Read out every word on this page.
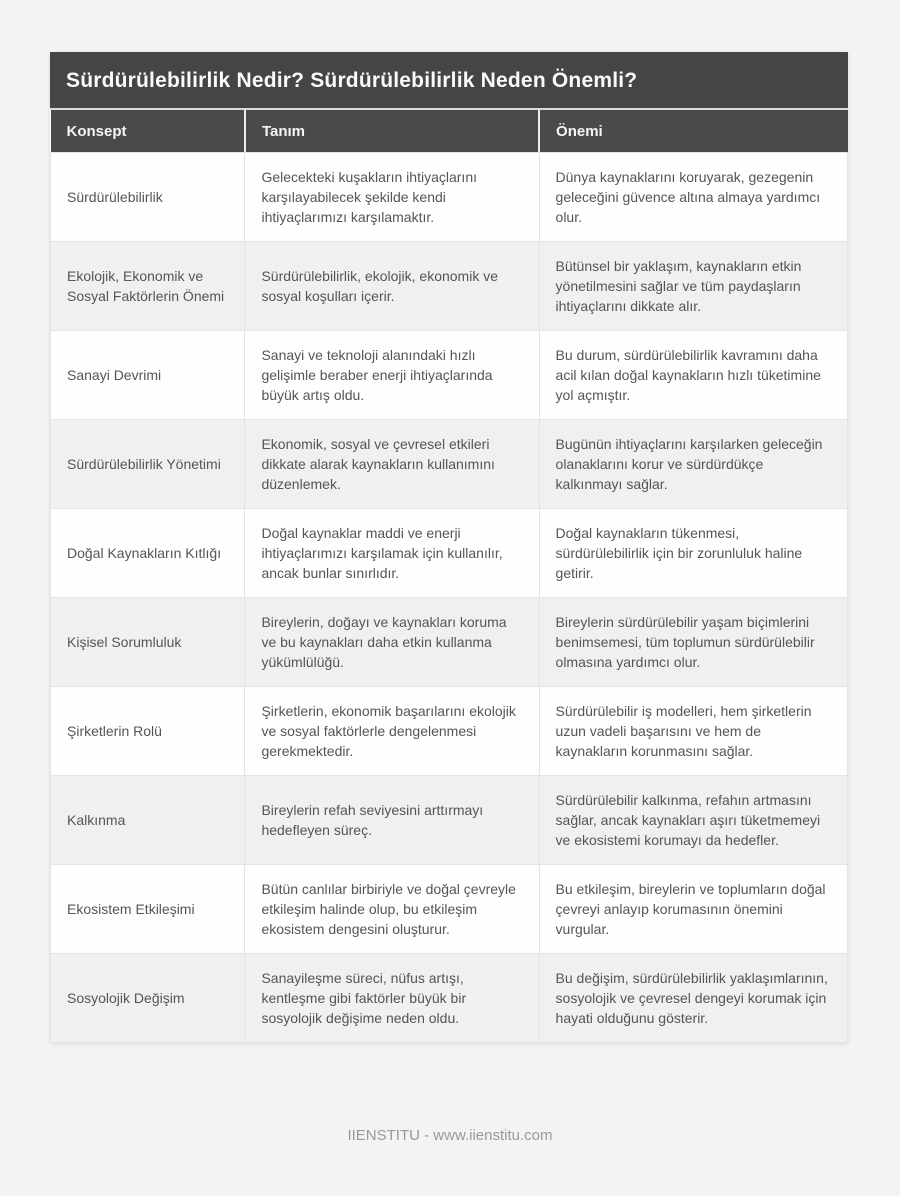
Sürdürülebilirlik Nedir? Sürdürülebilirlik Neden Önemli?
Konsept	Tanım	Önemi
Sürdürülebilirlik	Gelecekteki kuşakların ihtiyaçlarını karşılayabilecek şekilde kendi ihtiyaçlarımızı karşılamaktır.	Dünya kaynaklarını koruyarak, gezegenin geleceğini güvence altına almaya yardımcı olur.
Ekolojik, Ekonomik ve Sosyal Faktörlerin Önemi	Sürdürülebilirlik, ekolojik, ekonomik ve sosyal koşulları içerir.	Bütünsel bir yaklaşım, kaynakların etkin yönetilmesini sağlar ve tüm paydaşların ihtiyaçlarını dikkate alır.
Sanayi Devrimi	Sanayi ve teknoloji alanındaki hızlı gelişimle beraber enerji ihtiyaçlarında büyük artış oldu.	Bu durum, sürdürülebilirlik kavramını daha acil kılan doğal kaynakların hızlı tüketimine yol açmıştır.
Sürdürülebilirlik Yönetimi	Ekonomik, sosyal ve çevresel etkileri dikkate alarak kaynakların kullanımını düzenlemek.	Bugünün ihtiyaçlarını karşılarken geleceğin olanaklarını korur ve sürdürdükçe kalkınmayı sağlar.
Doğal Kaynakların Kıtlığı	Doğal kaynaklar maddi ve enerji ihtiyaçlarımızı karşılamak için kullanılır, ancak bunlar sınırlıdır.	Doğal kaynakların tükenmesi, sürdürülebilirlik için bir zorunluluk haline getirir.
Kişisel Sorumluluk	Bireylerin, doğayı ve kaynakları koruma ve bu kaynakları daha etkin kullanma yükümlülüğü.	Bireylerin sürdürülebilir yaşam biçimlerini benimsemesi, tüm toplumun sürdürülebilir olmasına yardımcı olur.
Şirketlerin Rolü	Şirketlerin, ekonomik başarılarını ekolojik ve sosyal faktörlerle dengelenmesi gerekmektedir.	Sürdürülebilir iş modelleri, hem şirketlerin uzun vadeli başarısını ve hem de kaynakların korunmasını sağlar.
Kalkınma	Bireylerin refah seviyesini arttırmayı hedefleyen süreç.	Sürdürülebilir kalkınma, refahın artmasını sağlar, ancak kaynakları aşırı tüketmemeyi ve ekosistemi korumayı da hedefler.
Ekosistem Etkileşimi	Bütün canlılar birbiriyle ve doğal çevreyle etkileşim halinde olup, bu etkileşim ekosistem dengesini oluşturur.	Bu etkileşim, bireylerin ve toplumların doğal çevreyi anlayıp korumasının önemini vurgular.
Sosyolojik Değişim	Sanayileşme süreci, nüfus artışı, kentleşme gibi faktörler büyük bir sosyolojik değişime neden oldu.	Bu değişim, sürdürülebilirlik yaklaşımlarının, sosyolojik ve çevresel dengeyi korumak için hayati olduğunu gösterir.
IIENSTITU - www.iienstitu.com
